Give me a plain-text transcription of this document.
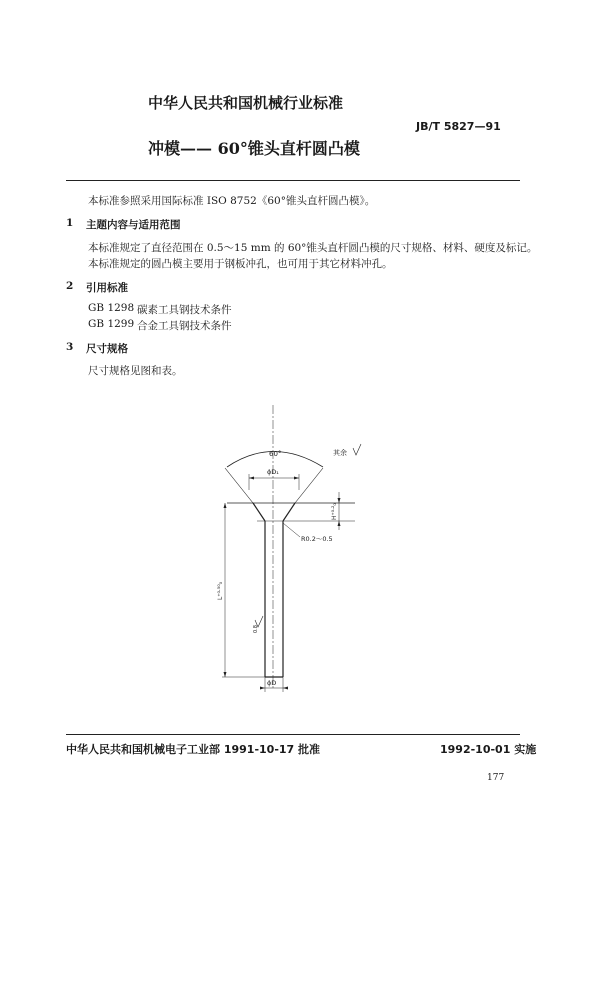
中华人民共和国机械行业标准
JB/T 5827—91
冲模—— 60°锥头直杆圆凸模
本标准参照采用国际标准 ISO 8752《60°锥头直杆圆凸模》。
1 主题内容与适用范围
本标准规定了直径范围在 0.5～15 mm 的 60°锥头直杆圆凸模的尺寸规格、材料、硬度及标记。
本标准规定的圆凸模主要用于钢板冲孔，也可用于其它材料冲孔。
2 引用标准
GB 1298 碳素工具钢技术条件
GB 1299 合金工具钢技术条件
3 尺寸规格
尺寸规格见图和表。
60°
ϕD₁
R0.2～0.5
ϕD
其余
H⁺⁰·²₀
L⁺⁰·⁵⁰₀
0.8
中华人民共和国机械电子工业部 1991-10-17 批准	1992-10-01 实施
177
